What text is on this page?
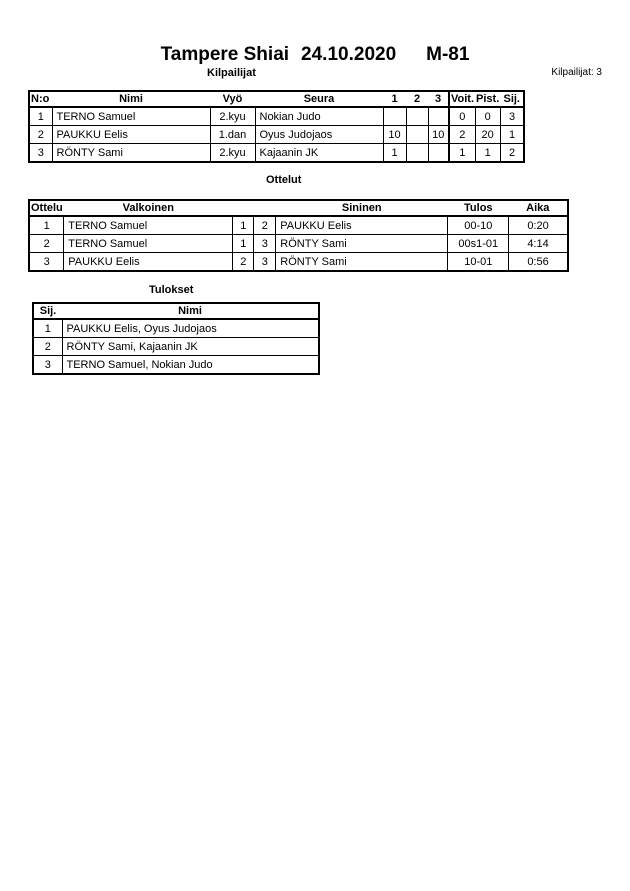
Tampere Shiai 24.10.2020 M-81
Kilpailijat	Kilpailijat: 3
N:o	Nimi	Vyö	Seura	1	2	3	Voit.	Pist.	Sij.
1	TERNO Samuel	2.kyu	Nokian Judo				0	0	3
2	PAUKKU Eelis	1.dan	Oyus Judojaos	10		10	2	20	1
3	RÖNTY Sami	2.kyu	Kajaanin JK	1			1	1	2
Ottelut
Ottelu	Valkoinen			Sininen	Tulos	Aika
1	TERNO Samuel	1	2	PAUKKU Eelis	00-10	0:20
2	TERNO Samuel	1	3	RÖNTY Sami	00s1-01	4:14
3	PAUKKU Eelis	2	3	RÖNTY Sami	10-01	0:56
Tulokset
Sij.	Nimi
1	PAUKKU Eelis, Oyus Judojaos
2	RÖNTY Sami, Kajaanin JK
3	TERNO Samuel, Nokian Judo
